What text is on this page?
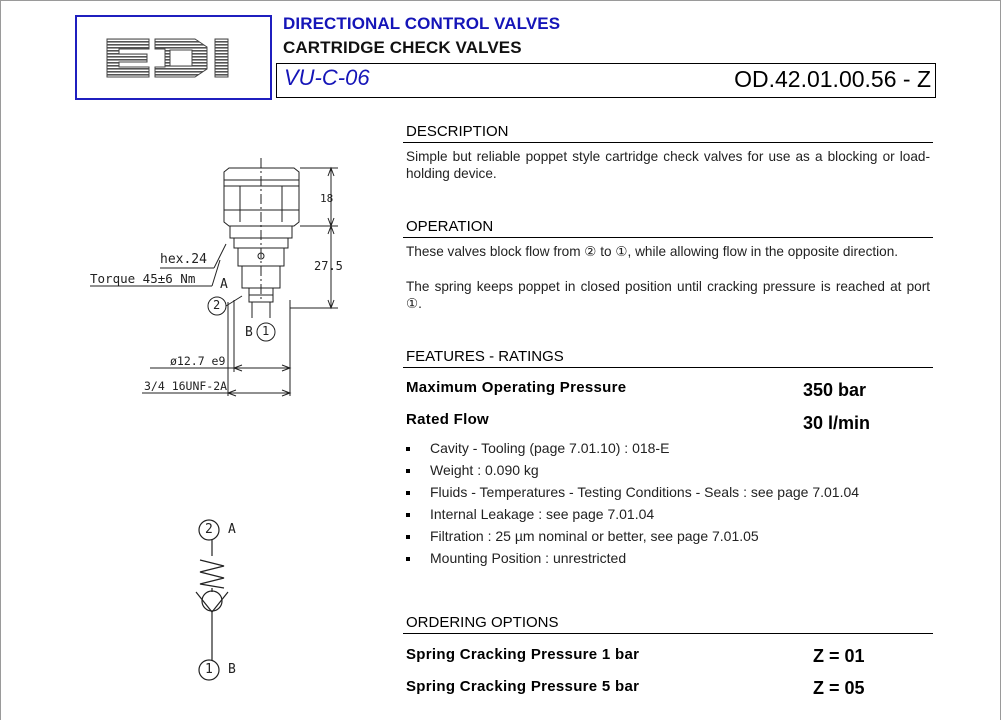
DIRECTIONAL CONTROL VALVES
CARTRIDGE CHECK VALVES
VU-C-06	OD.42.01.00.56 - Z
DESCRIPTION
Simple but reliable poppet style cartridge check valves for use as a blocking or load-holding device.
OPERATION
These valves block flow from ② to ①, while allowing flow in the opposite direction.
The spring keeps poppet in closed position until cracking pressure is reached at port ①.
FEATURES - RATINGS
Maximum Operating Pressure	350 bar
Rated Flow	30 l/min
Cavity - Tooling (page 7.01.10) : 018-E
Weight : 0.090 kg
Fluids - Temperatures - Testing Conditions - Seals : see page 7.01.04
Internal Leakage : see page 7.01.04
Filtration : 25 µm nominal or better, see page 7.01.05
Mounting Position : unrestricted
ORDERING OPTIONS
Spring Cracking Pressure 1 bar	Z = 01
Spring Cracking Pressure 5 bar	Z = 05
18
27.5
hex.24
Torque 45±6 Nm A
2
B 1
ø12.7 e9
3/4 16UNF-2A
2 A
1 B
